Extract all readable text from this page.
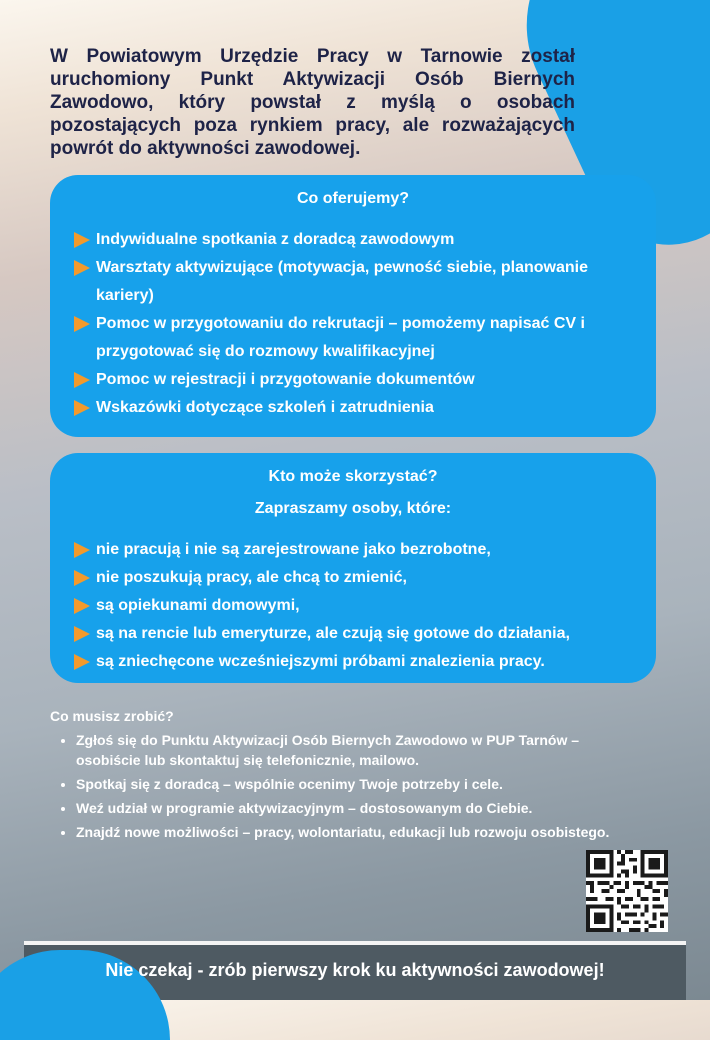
W Powiatowym Urzędzie Pracy w Tarnowie został uruchomiony Punkt Aktywizacji Osób Biernych Zawodowo, który powstał z myślą o osobach pozostających poza rynkiem pracy, ale rozważających powrót do aktywności zawodowej.

Co oferujemy?
Indywidualne spotkania z doradcą zawodowym
Warsztaty aktywizujące (motywacja, pewność siebie, planowanie kariery)
Pomoc w przygotowaniu do rekrutacji – pomożemy napisać CV i przygotować się do rozmowy kwalifikacyjnej
Pomoc w rejestracji i przygotowanie dokumentów
Wskazówki dotyczące szkoleń i zatrudnienia
Kto może skorzystać?
Zapraszamy osoby, które:
nie pracują i nie są zarejestrowane jako bezrobotne,
nie poszukują pracy, ale chcą to zmienić,
są opiekunami domowymi,
są na rencie lub emeryturze, ale czują się gotowe do działania,
są zniechęcone wcześniejszymi próbami znalezienia pracy.
Co musisz zrobić?
• Zgłoś się do Punktu Aktywizacji Osób Biernych Zawodowo w PUP Tarnów – osobiście lub skontaktuj się telefonicznie, mailowo.
• Spotkaj się z doradcą – wspólnie ocenimy Twoje potrzeby i cele.
• Weź udział w programie aktywizacyjnym – dostosowanym do Ciebie.
• Znajdź nowe możliwości – pracy, wolontariatu, edukacji lub rozwoju osobistego.
Nie czekaj - zrób pierwszy krok ku aktywności zawodowej!
